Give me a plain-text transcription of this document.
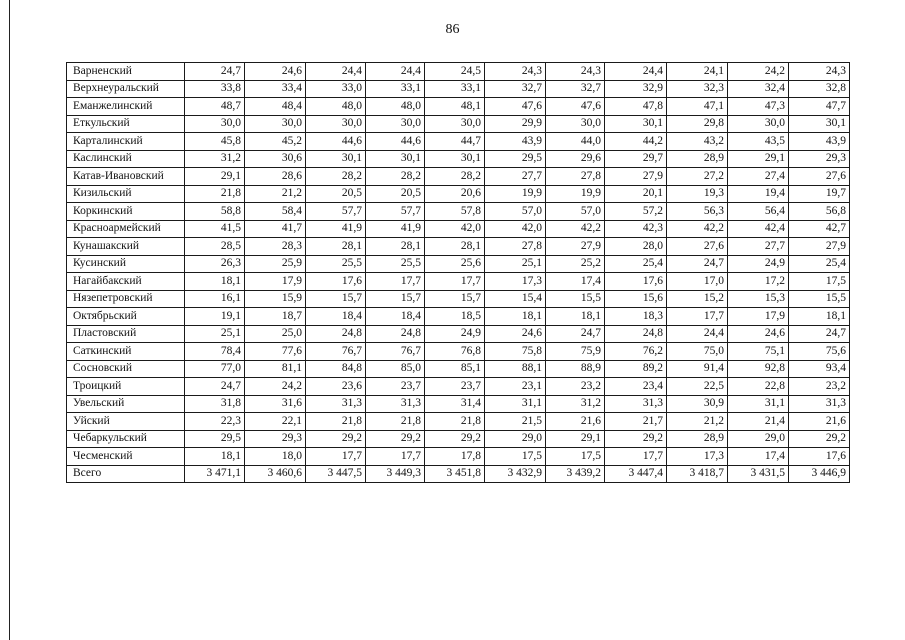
86
Варненский	24,7	24,6	24,4	24,4	24,5	24,3	24,3	24,4	24,1	24,2	24,3
Верхнеуральский	33,8	33,4	33,0	33,1	33,1	32,7	32,7	32,9	32,3	32,4	32,8
Еманжелинский	48,7	48,4	48,0	48,0	48,1	47,6	47,6	47,8	47,1	47,3	47,7
Еткульский	30,0	30,0	30,0	30,0	30,0	29,9	30,0	30,1	29,8	30,0	30,1
Карталинский	45,8	45,2	44,6	44,6	44,7	43,9	44,0	44,2	43,2	43,5	43,9
Каслинский	31,2	30,6	30,1	30,1	30,1	29,5	29,6	29,7	28,9	29,1	29,3
Катав-Ивановский	29,1	28,6	28,2	28,2	28,2	27,7	27,8	27,9	27,2	27,4	27,6
Кизильский	21,8	21,2	20,5	20,5	20,6	19,9	19,9	20,1	19,3	19,4	19,7
Коркинский	58,8	58,4	57,7	57,7	57,8	57,0	57,0	57,2	56,3	56,4	56,8
Красноармейский	41,5	41,7	41,9	41,9	42,0	42,0	42,2	42,3	42,2	42,4	42,7
Кунашакский	28,5	28,3	28,1	28,1	28,1	27,8	27,9	28,0	27,6	27,7	27,9
Кусинский	26,3	25,9	25,5	25,5	25,6	25,1	25,2	25,4	24,7	24,9	25,4
Нагайбакский	18,1	17,9	17,6	17,7	17,7	17,3	17,4	17,6	17,0	17,2	17,5
Нязепетровский	16,1	15,9	15,7	15,7	15,7	15,4	15,5	15,6	15,2	15,3	15,5
Октябрьский	19,1	18,7	18,4	18,4	18,5	18,1	18,1	18,3	17,7	17,9	18,1
Пластовский	25,1	25,0	24,8	24,8	24,9	24,6	24,7	24,8	24,4	24,6	24,7
Саткинский	78,4	77,6	76,7	76,7	76,8	75,8	75,9	76,2	75,0	75,1	75,6
Сосновский	77,0	81,1	84,8	85,0	85,1	88,1	88,9	89,2	91,4	92,8	93,4
Троицкий	24,7	24,2	23,6	23,7	23,7	23,1	23,2	23,4	22,5	22,8	23,2
Увельский	31,8	31,6	31,3	31,3	31,4	31,1	31,2	31,3	30,9	31,1	31,3
Уйский	22,3	22,1	21,8	21,8	21,8	21,5	21,6	21,7	21,2	21,4	21,6
Чебаркульский	29,5	29,3	29,2	29,2	29,2	29,0	29,1	29,2	28,9	29,0	29,2
Чесменский	18,1	18,0	17,7	17,7	17,8	17,5	17,5	17,7	17,3	17,4	17,6
Всего	3 471,1	3 460,6	3 447,5	3 449,3	3 451,8	3 432,9	3 439,2	3 447,4	3 418,7	3 431,5	3 446,9
